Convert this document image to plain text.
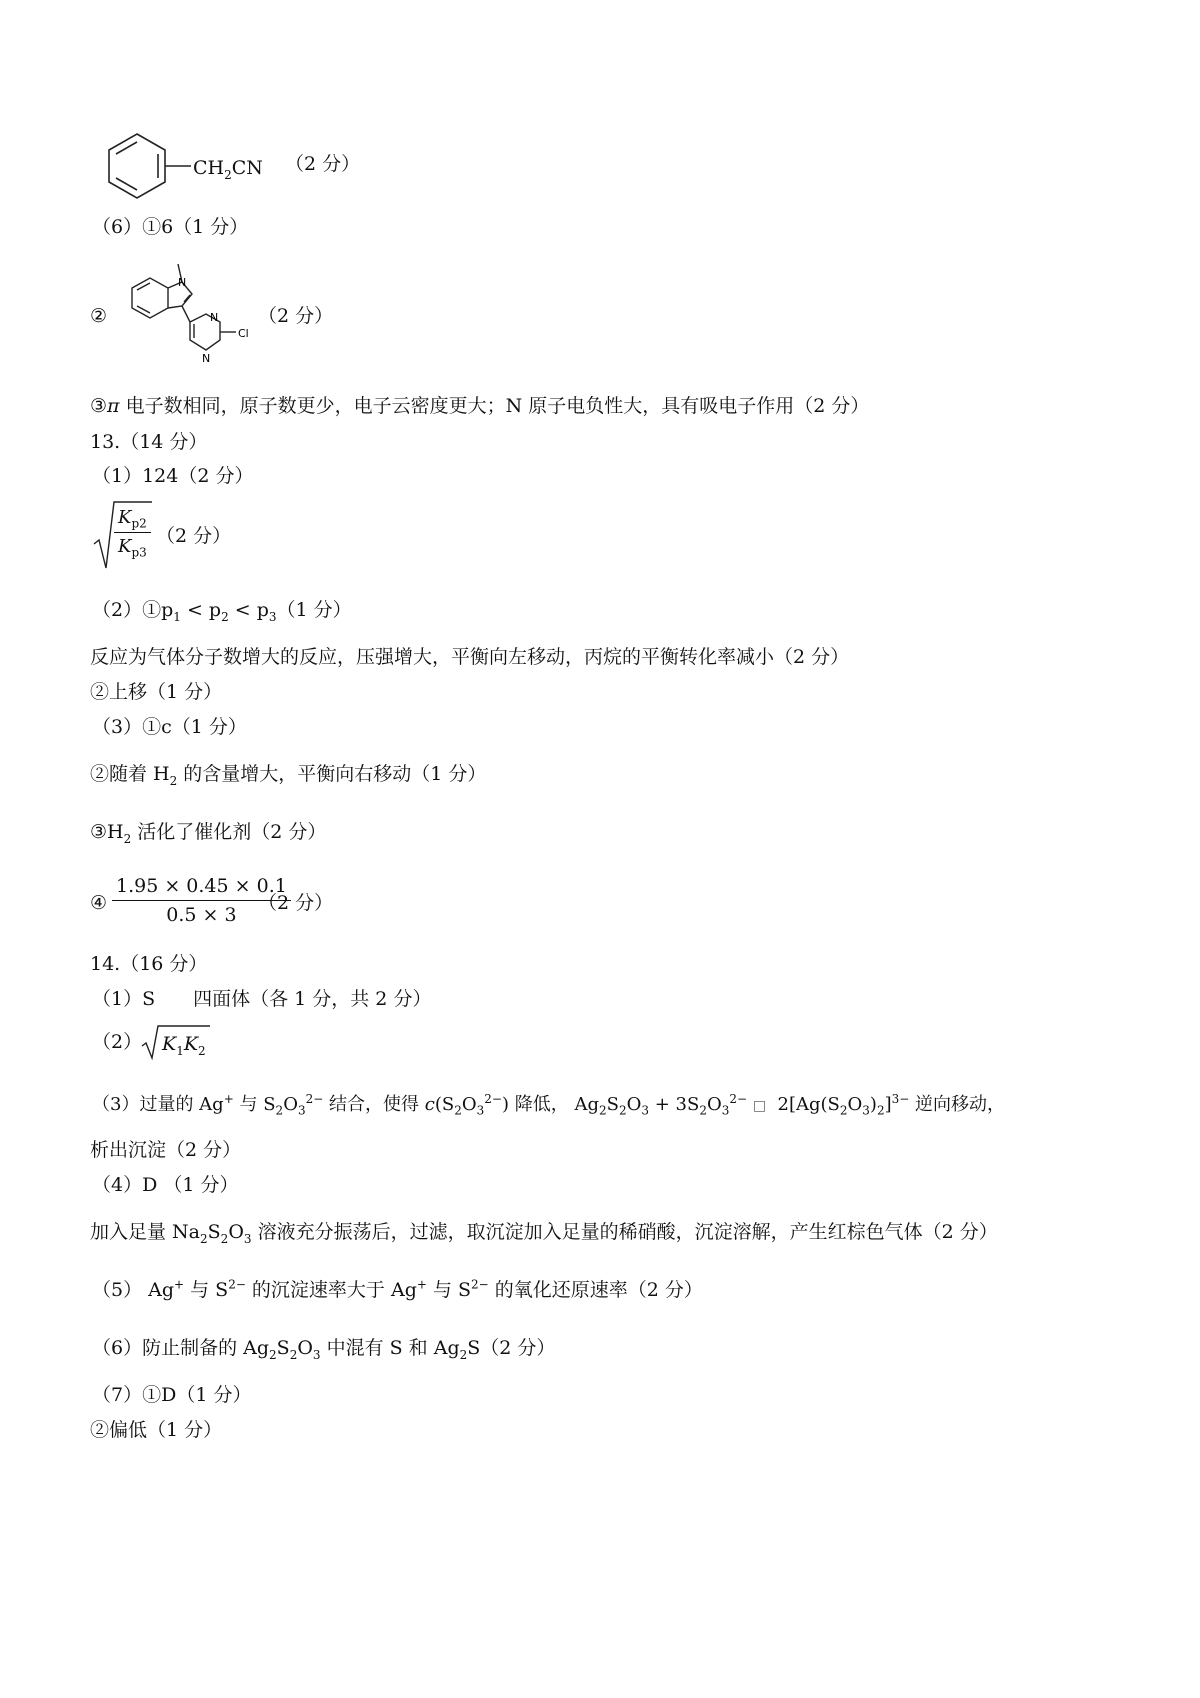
$CH_2CN$ （2 分）
（6）①6（1 分）
②
N
N
N
Cl
（2 分）
③π 电子数相同，原子数更少，电子云密度更大；N 原子电负性大，具有吸电子作用（2 分）
13.（14 分）
（1）124（2 分）
$\frac{K_{p2}}{K_{p3}} (2$ 分）
$(2)①p_1 < p_2 < p_3(1$ 分）
反应为气体分子数增大的反应，压强增大，平衡向左移动，丙烷的平衡转化率减小（2 分）
②上移（1 分）
（3）①c（1 分）
②随着 $H_2$ 的含量增大，平衡向右移动（1 分）
$③H_2$ 活化了催化剂（2 分）
④ $\frac{1.95 \times 0.45 \times 0.1}{0.5 \times 3}$
（2 分）
14.（16 分）
（1）S　　四面体（各 1 分，共 2 分）
（2） $K_1K_2$
（3）过量的 Ag+ 与 $S_2O_3^{2-}$ 结合，使得 $c(S_2O_3^{2-})$ 降低， $Ag_2S_2O_3 + 3S_2O_3^{2-}$ □ $2[Ag(S_2O_3)_2]^{3-}$ 逆向移动，
析出沉淀（2 分）
（4）D （1 分）
加入足量 $Na_2S_2O_3$ 溶液充分振荡后，过滤，取沉淀加入足量的稀硝酸，沉淀溶解，产生红棕色气体（2 分）
（5） Ag+ 与 $S^{2-}$ 的沉淀速率大于 Ag+ 与 $S^{2-}$ 的氧化还原速率（2 分）
（6）防止制备的 $Ag_2S_2O_3$ 中混有 S 和 $Ag_2S(2$ 分）
（7）①D（1 分）
②偏低（1 分）
